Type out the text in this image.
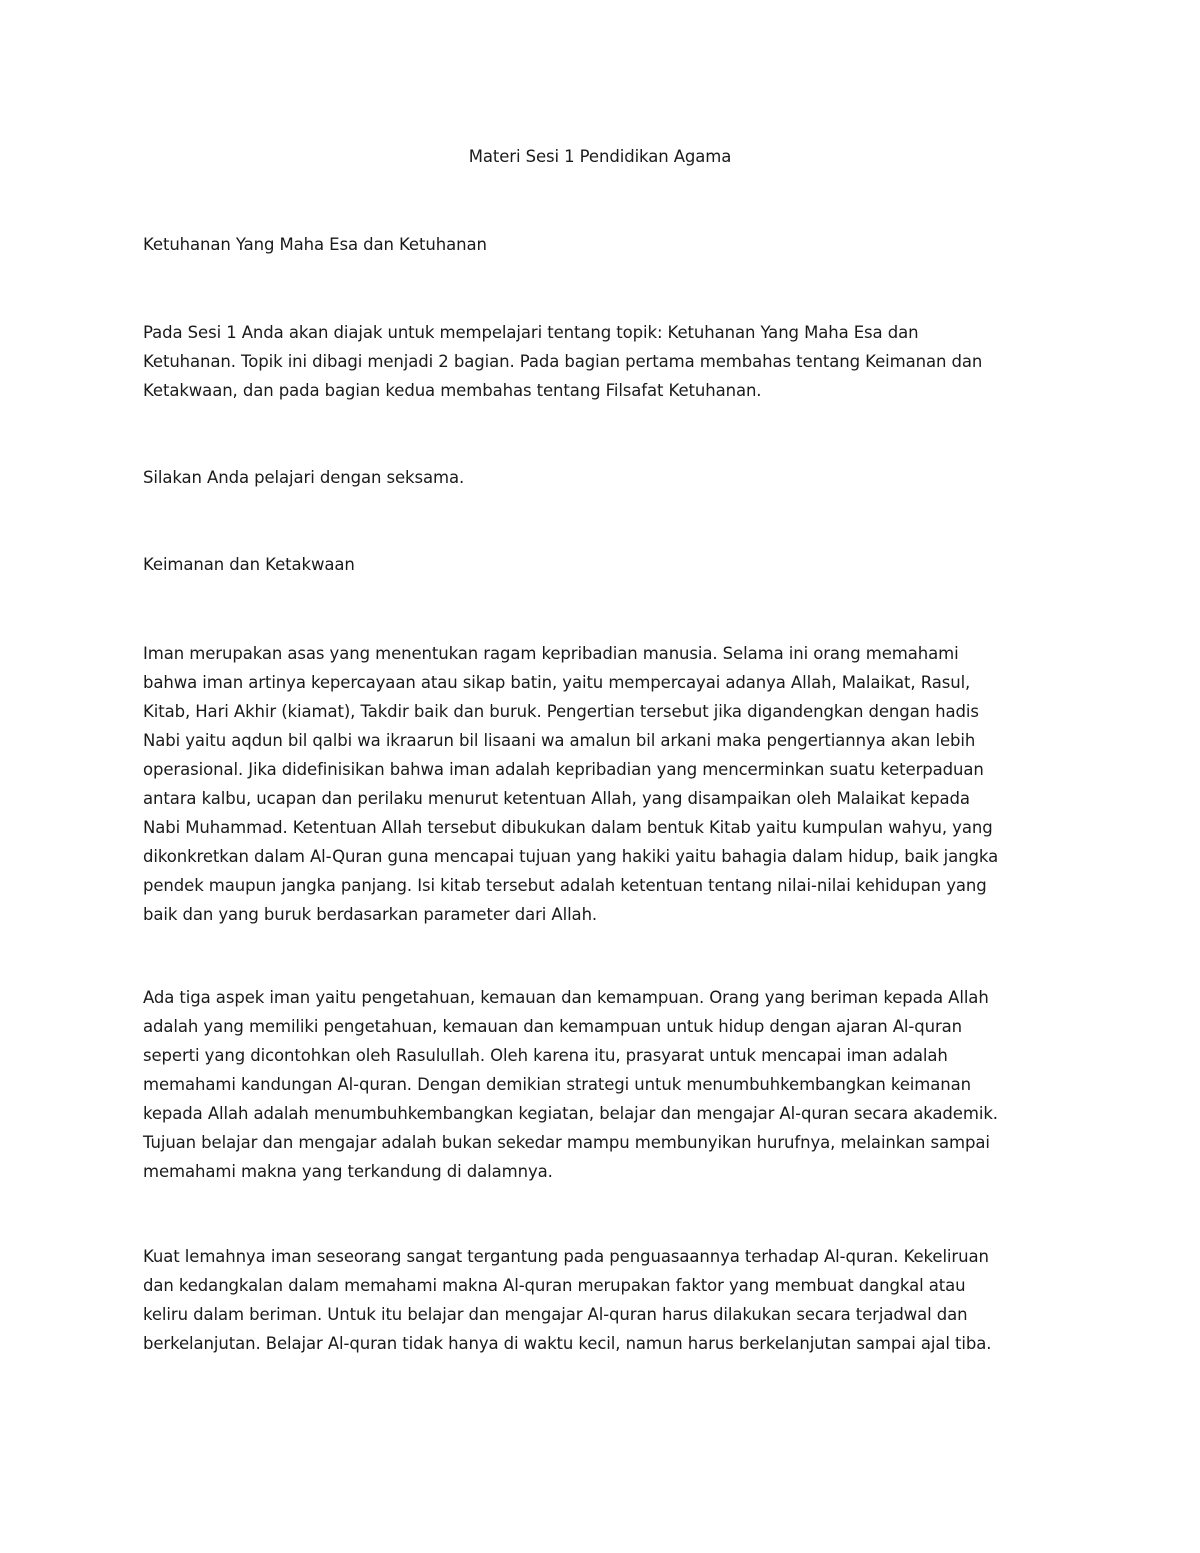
Materi Sesi 1 Pendidikan Agama
Ketuhanan Yang Maha Esa dan Ketuhanan
Pada Sesi 1 Anda akan diajak untuk mempelajari tentang topik: Ketuhanan Yang Maha Esa dan
Ketuhanan. Topik ini dibagi menjadi 2 bagian. Pada bagian pertama membahas tentang Keimanan dan
Ketakwaan, dan pada bagian kedua membahas tentang Filsafat Ketuhanan.
Silakan Anda pelajari dengan seksama.
Keimanan dan Ketakwaan
Iman merupakan asas yang menentukan ragam kepribadian manusia. Selama ini orang memahami
bahwa iman artinya kepercayaan atau sikap batin, yaitu mempercayai adanya Allah, Malaikat, Rasul,
Kitab, Hari Akhir (kiamat), Takdir baik dan buruk. Pengertian tersebut jika digandengkan dengan hadis
Nabi yaitu aqdun bil qalbi wa ikraarun bil lisaani wa amalun bil arkani maka pengertiannya akan lebih
operasional. Jika didefinisikan bahwa iman adalah kepribadian yang mencerminkan suatu keterpaduan
antara kalbu, ucapan dan perilaku menurut ketentuan Allah, yang disampaikan oleh Malaikat kepada
Nabi Muhammad. Ketentuan Allah tersebut dibukukan dalam bentuk Kitab yaitu kumpulan wahyu, yang
dikonkretkan dalam Al-Quran guna mencapai tujuan yang hakiki yaitu bahagia dalam hidup, baik jangka
pendek maupun jangka panjang. Isi kitab tersebut adalah ketentuan tentang nilai-nilai kehidupan yang
baik dan yang buruk berdasarkan parameter dari Allah.
Ada tiga aspek iman yaitu pengetahuan, kemauan dan kemampuan. Orang yang beriman kepada Allah
adalah yang memiliki pengetahuan, kemauan dan kemampuan untuk hidup dengan ajaran Al-quran
seperti yang dicontohkan oleh Rasulullah. Oleh karena itu, prasyarat untuk mencapai iman adalah
memahami kandungan Al-quran. Dengan demikian strategi untuk menumbuhkembangkan keimanan
kepada Allah adalah menumbuhkembangkan kegiatan, belajar dan mengajar Al-quran secara akademik.
Tujuan belajar dan mengajar adalah bukan sekedar mampu membunyikan hurufnya, melainkan sampai
memahami makna yang terkandung di dalamnya.
Kuat lemahnya iman seseorang sangat tergantung pada penguasaannya terhadap Al-quran. Kekeliruan
dan kedangkalan dalam memahami makna Al-quran merupakan faktor yang membuat dangkal atau
keliru dalam beriman. Untuk itu belajar dan mengajar Al-quran harus dilakukan secara terjadwal dan
berkelanjutan. Belajar Al-quran tidak hanya di waktu kecil, namun harus berkelanjutan sampai ajal tiba.
